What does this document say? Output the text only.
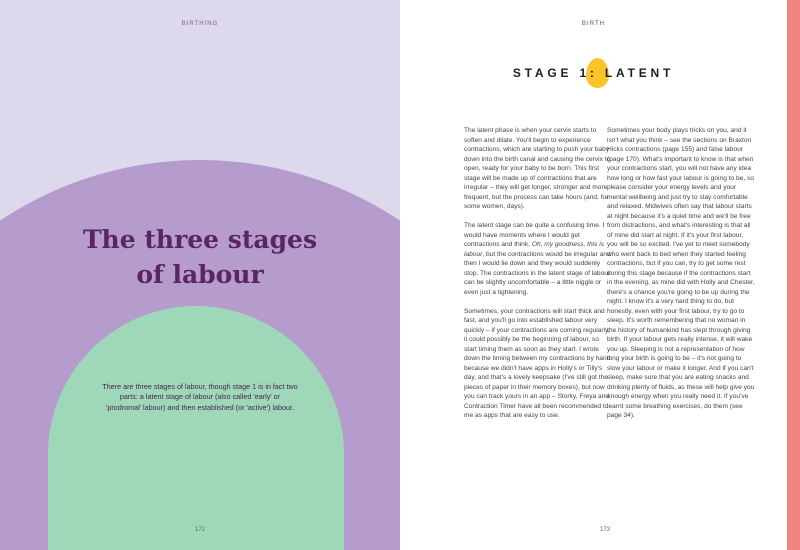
BIRTHING
The three stages
of labour

There are three stages of labour, though stage 1 is in fact two parts: a latent stage of labour (also called 'early' or 'prodromal' labour) and then established (or 'active') labour.

172
BIRTH
STAGE 1: LATENT

The latent phase is when your cervix starts to soften and dilate. You'll begin to experience contractions, which are starting to push your baby down into the birth canal and causing the cervix to open, ready for your baby to be born. This first stage will be made up of contractions that are irregular – they will get longer, stronger and more frequent, but the process can take hours (and, for some women, days).

The latent stage can be quite a confusing time. I would have moments where I would get contractions and think, Oh, my goodness, this is labour, but the contractions would be irregular and then I would lie down and they would suddenly stop. The contractions in the latent stage of labour can be slightly uncomfortable – a little niggle or even just a tightening.

Sometimes, your contractions will start thick and fast, and you'll go into established labour very quickly – if your contractions are coming regularly, it could possibly be the beginning of labour, so start timing them as soon as they start. I wrote down the timing between my contractions by hand because we didn't have apps in Holly's or Tilly's day, and that's a lovely keepsake (I've still got the pieces of paper in their memory boxes), but now you can track yours in an app – Storky, Freya and Contraction Timer have all been recommended to me as apps that are easy to use.

Sometimes your body plays tricks on you, and it isn't what you think – see the sections on Braxton Hicks contractions (page 155) and false labour (page 170). What's important to know is that when your contractions start, you will not have any idea how long or how fast your labour is going to be, so please consider your energy levels and your mental wellbeing and just try to stay comfortable and relaxed. Midwives often say that labour starts at night because it's a quiet time and we'll be free from distractions, and what's interesting is that all of mine did start at night. If it's your first labour, you will be so excited. I've yet to meet somebody who went back to bed when they started feeling contractions, but if you can, try to get some rest during this stage because if the contractions start in the evening, as mine did with Holly and Chester, there's a chance you're going to be up during the night. I know it's a very hard thing to do, but honestly, even with your first labour, try to go to sleep. It's worth remembering that no woman in the history of humankind has slept through giving birth. If your labour gets really intense, it will wake you up. Sleeping is not a representation of how long your birth is going to be – it's not going to slow your labour or make it longer. And if you can't sleep, make sure that you are eating snacks and drinking plenty of fluids, as these will help give you enough energy when you really need it. If you've learnt some breathing exercises, do them (see page 34).

173
